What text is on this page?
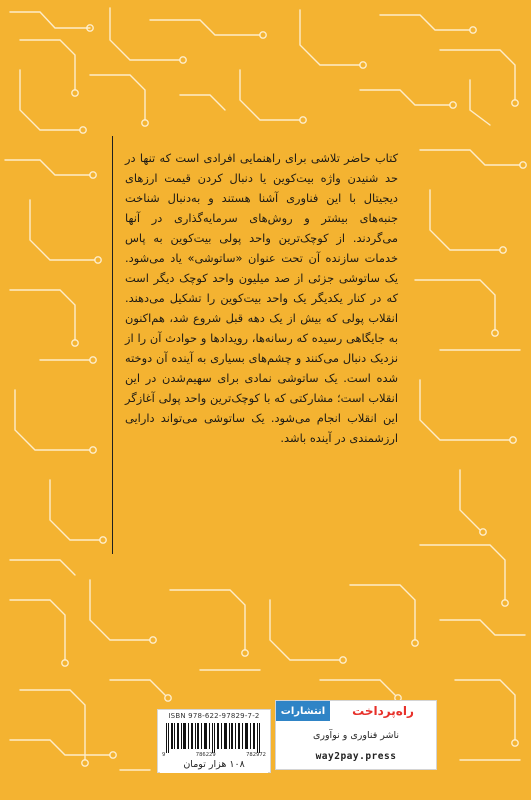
کتاب حاضر تلاشی برای راهنمایی افرادی است که تنها در حد شنیدن واژه بیت‌کوین یا دنبال کردن قیمت ارزهای دیجیتال با این فناوری آشنا هستند و به‌دنبال شناخت جنبه‌های بیشتر و روش‌های سرمایه‌گذاری در آنها می‌گردند. از کوچک‌ترین واحد پولی بیت‌کوین به پاس خدمات سازنده آن تحت عنوان «ساتوشی» یاد می‌شود. یک ساتوشی جزئی از صد میلیون واحد کوچک دیگر است که در کنار یکدیگر یک واحد بیت‌کوین را تشکیل می‌دهند. انقلاب پولی که بیش از یک دهه قبل شروع شد، هم‌اکنون به جایگاهی رسیده که رسانه‌ها، رویدادها و حوادث آن را از نزدیک دنبال می‌کنند و چشم‌های بسیاری به آینده آن دوخته شده است. یک ساتوشی نمادی برای سهیم‌شدن در این انقلاب است؛ مشارکتی که با کوچک‌ترین واحد پولی آغازگر این انقلاب انجام می‌شود. یک ساتوشی می‌تواند دارایی ارزشمندی در آینده باشد.

ISBN 978-622-97829-7-2
9	786229	782972
۱۰۸ هزار تومان
انتشارات	راه‌پرداخت
ناشر فناوری و نوآوری
way2pay.press
